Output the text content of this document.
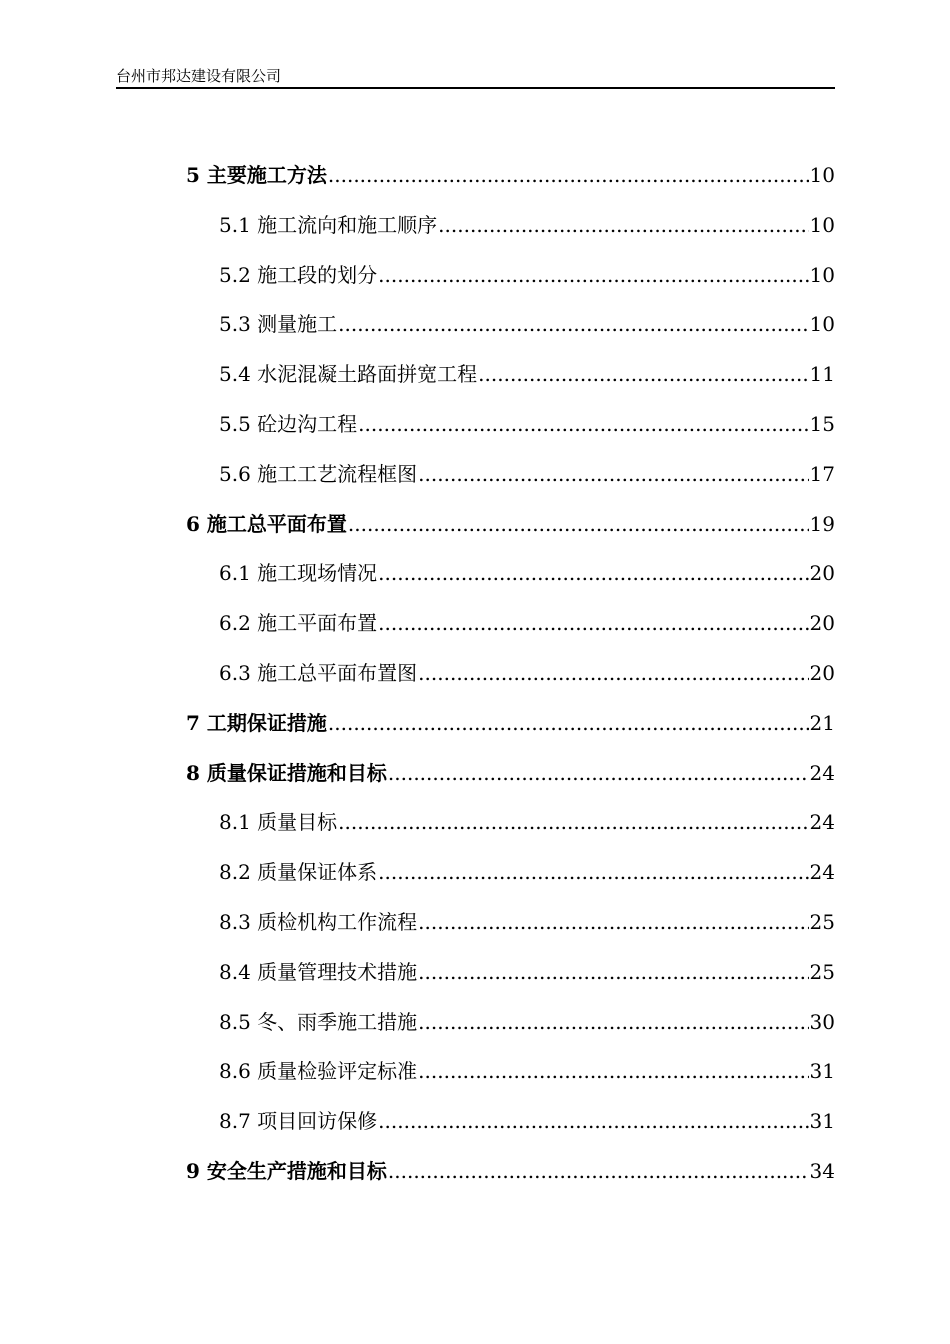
台州市邦达建设有限公司
5 主要施工方法 .....	10
5.1 施工流向和施工顺序 .....	10
5.2 施工段的划分 .....	10
5.3 测量施工 .....	10
5.4 水泥混凝土路面拼宽工程 .....	11
5.5 砼边沟工程 .....	15
5.6 施工工艺流程框图 .....	17
6 施工总平面布置 .....	19
6.1 施工现场情况 .....	20
6.2 施工平面布置 .....	20
6.3 施工总平面布置图 .....	20
7 工期保证措施 .....	21
8 质量保证措施和目标 .....	24
8.1 质量目标 .....	24
8.2 质量保证体系 .....	24
8.3 质检机构工作流程 .....	25
8.4 质量管理技术措施 .....	25
8.5 冬、雨季施工措施 .....	30
8.6 质量检验评定标准 .....	31
8.7 项目回访保修 .....	31
9 安全生产措施和目标 .....	34
